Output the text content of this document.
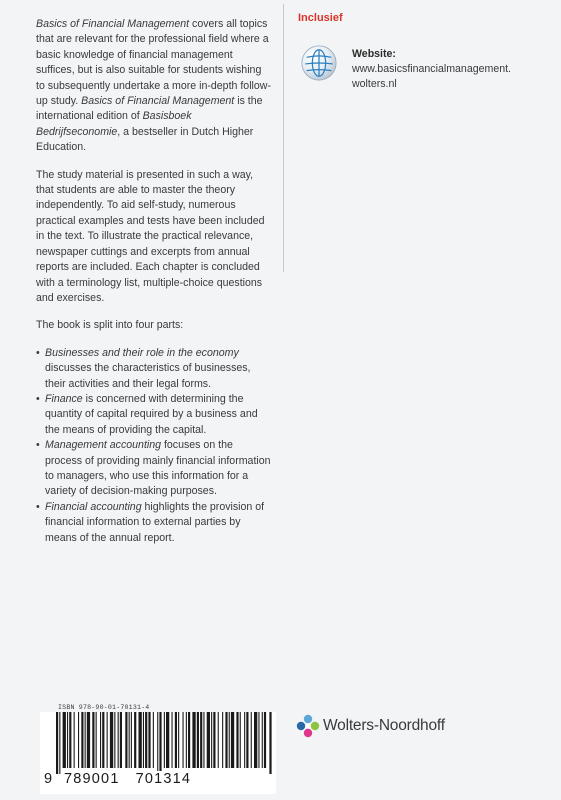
Basics of Financial Management covers all topics that are relevant for the professional field where a basic knowledge of financial management suffices, but is also suitable for students wishing to subsequently undertake a more in-depth follow-up study. Basics of Financial Management is the international edition of Basisboek Bedrijfseconomie, a bestseller in Dutch Higher Education.

The study material is presented in such a way, that students are able to master the theory independently. To aid self-study, numerous practical examples and tests have been included in the text. To illustrate the practical relevance, newspaper cuttings and excerpts from annual reports are included. Each chapter is concluded with a terminology list, multiple-choice questions and exercises.

The book is split into four parts:

• Businesses and their role in the economy discusses the characteristics of businesses, their activities and their legal forms.
• Finance is concerned with determining the quantity of capital required by a business and the means of providing the capital.
• Management accounting focuses on the process of providing mainly financial information to managers, who use this information for a variety of decision-making purposes.
• Financial accounting highlights the provision of financial information to external parties by means of the annual report.
Inclusief
Website:
www.basicsfinancialmanagement.
wolters.nl
ISBN 978-90-01-70131-4
9 789001 701314
Wolters-Noordhoff
